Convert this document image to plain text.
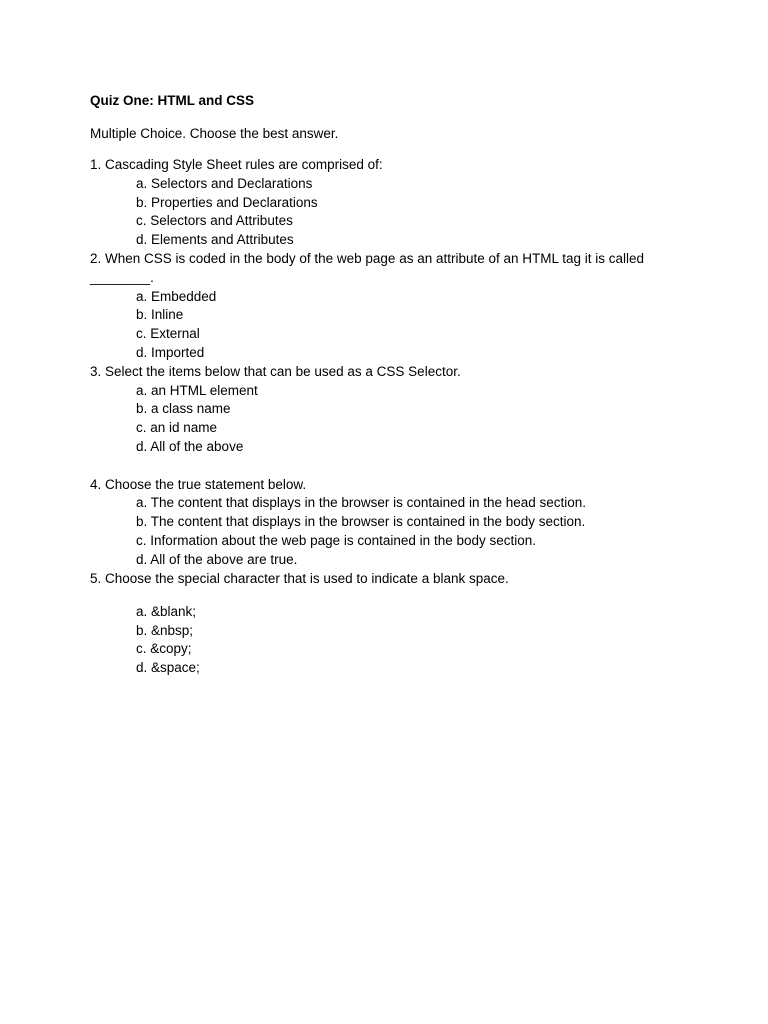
Quiz One: HTML and CSS
Multiple Choice. Choose the best answer.
1. Cascading Style Sheet rules are comprised of:
a. Selectors and Declarations
b. Properties and Declarations
c. Selectors and Attributes
d. Elements and Attributes
2. When CSS is coded in the body of the web page as an attribute of an HTML tag it is called
________.
a. Embedded
b. Inline
c. External
d. Imported
3. Select the items below that can be used as a CSS Selector.
a. an HTML element
b. a class name
c. an id name
d. All of the above
4. Choose the true statement below.
a. The content that displays in the browser is contained in the head section.
b. The content that displays in the browser is contained in the body section.
c. Information about the web page is contained in the body section.
d. All of the above are true.
5. Choose the special character that is used to indicate a blank space.
a. &blank;
b. &nbsp;
c. &copy;
d. &space;
